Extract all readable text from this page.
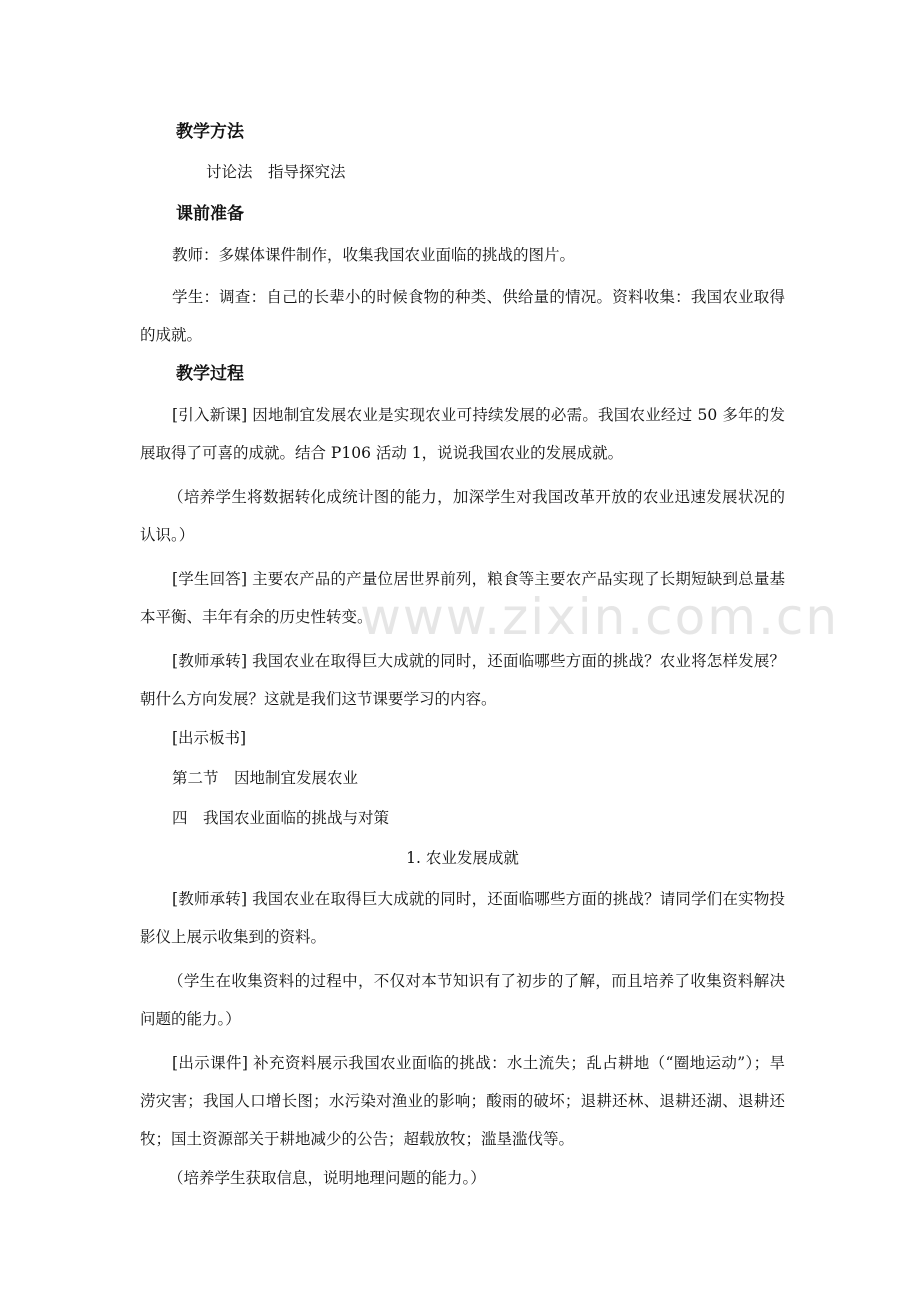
www.zixin.com.cn
教学方法
讨论法　指导探究法
课前准备
教师：多媒体课件制作，收集我国农业面临的挑战的图片。
学生：调查：自己的长辈小的时候食物的种类、供给量的情况。资料收集：我国农业取得的成就。
教学过程
[引入新课] 因地制宜发展农业是实现农业可持续发展的必需。我国农业经过 50 多年的发展取得了可喜的成就。结合 P106 活动 1，说说我国农业的发展成就。
（培养学生将数据转化成统计图的能力，加深学生对我国改革开放的农业迅速发展状况的认识。）
[学生回答] 主要农产品的产量位居世界前列，粮食等主要农产品实现了长期短缺到总量基本平衡、丰年有余的历史性转变。
[教师承转] 我国农业在取得巨大成就的同时，还面临哪些方面的挑战？农业将怎样发展？朝什么方向发展？这就是我们这节课要学习的内容。
[出示板书]
第二节　因地制宜发展农业
四　我国农业面临的挑战与对策
1. 农业发展成就
[教师承转] 我国农业在取得巨大成就的同时，还面临哪些方面的挑战？请同学们在实物投影仪上展示收集到的资料。
（学生在收集资料的过程中，不仅对本节知识有了初步的了解，而且培养了收集资料解决问题的能力。）
[出示课件] 补充资料展示我国农业面临的挑战：水土流失；乱占耕地（“圈地运动”）；旱涝灾害；我国人口增长图；水污染对渔业的影响；酸雨的破坏；退耕还林、退耕还湖、退耕还牧；国土资源部关于耕地减少的公告；超载放牧；滥垦滥伐等。
（培养学生获取信息，说明地理问题的能力。）
